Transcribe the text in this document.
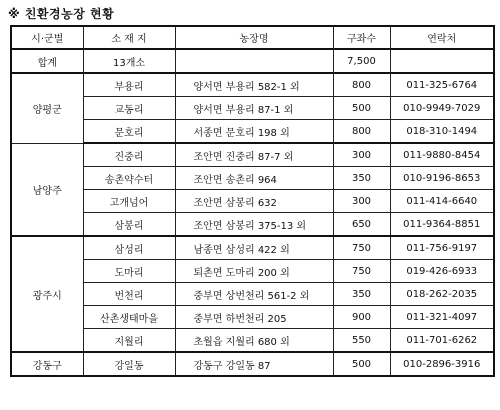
※ 친환경농장 현황
시·군별	소 재 지	농장명	구좌수	연락처
합계	13개소		7,500	
양평군	부용리	양서면 부용리 582-1 외	800	011-325-6764
	교동리	양서면 부용리 87-1 외	500	010-9949-7029
	문호리	서종면 문호리 198 외	800	018-310-1494
남양주	진중리	조안면 진중리 87-7 외	300	011-9880-8454
	송촌약수터	조안면 송촌리 964	350	010-9196-8653
	고개넘어	조안면 삼봉리 632	300	011-414-6640
	삼봉리	조안면 삼봉리 375-13 외	650	011-9364-8851
광주시	삼성리	남종면 삼성리 422 외	750	011-756-9197
	도마리	퇴촌면 도마리 200 외	750	019-426-6933
	번천리	중부면 상번천리 561-2 외	350	018-262-2035
	산촌생태마을	중부면 하번천리 205	900	011-321-4097
	지월리	초월읍 지월리 680 외	550	011-701-6262
강동구	강일동	강동구 강일동 87	500	010-2896-3916
